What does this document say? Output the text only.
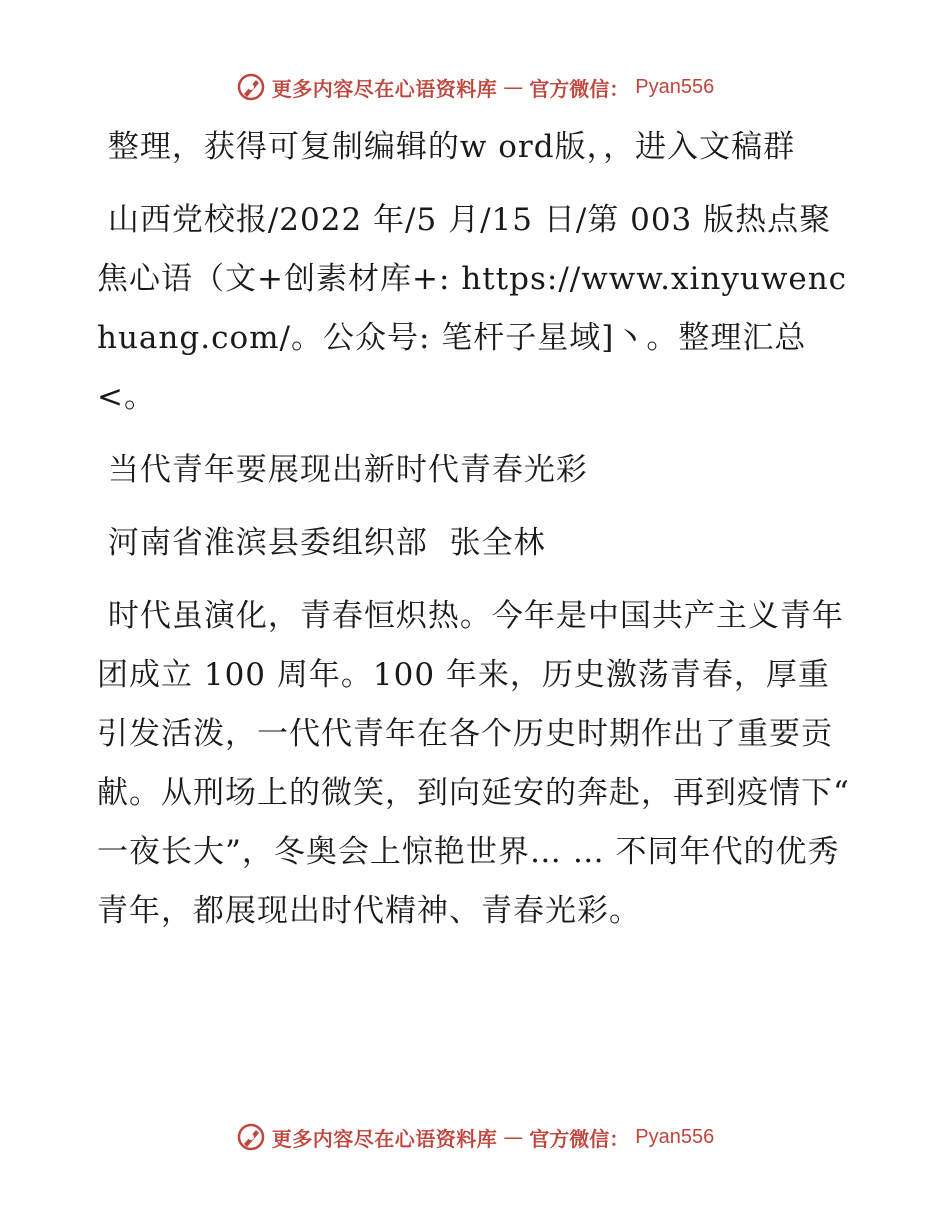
更多内容尽在心语资料库 — 官方微信： Pyan556

整理，获得可复制编辑的w ord版，，进入文稿群

山西党校报/2022 年/5 月/15 日/第 003 版热点聚焦心语（文+创素材库+: https://www.xinyuwenchuang.com/。公众号: 笔杆子星域]丶。整理汇总<。

当代青年要展现出新时代青春光彩

河南省淮滨县委组织部  张全林

时代虽演化，青春恒炽热。今年是中国共产主义青年团成立 100 周年。100 年来，历史激荡青春，厚重引发活泼，一代代青年在各个历史时期作出了重要贡献。从刑场上的微笑，到向延安的奔赴，再到疫情下“ 一夜长大”，冬奥会上惊艳世界… … 不同年代的优秀青年，都展现出时代精神、青春光彩。

更多内容尽在心语资料库 — 官方微信： Pyan556
